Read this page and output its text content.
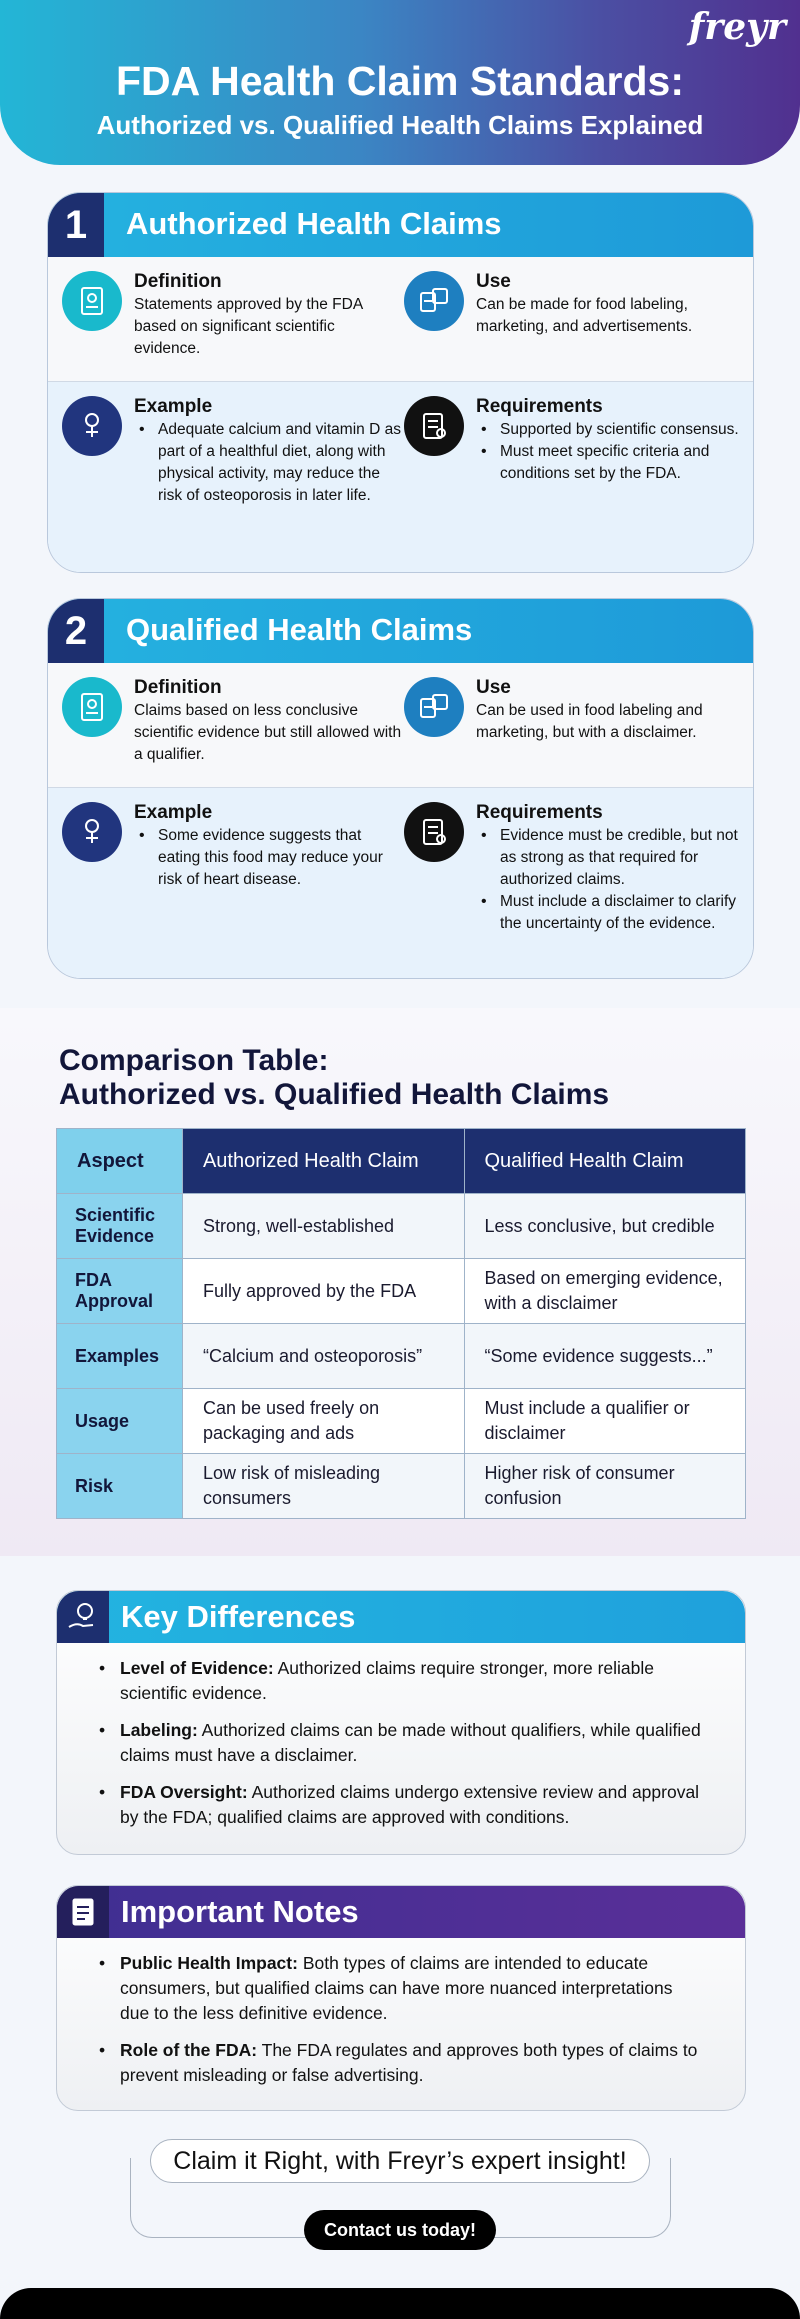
freyr
FDA Health Claim Standards:
Authorized vs. Qualified Health Claims Explained
1	Authorized Health Claims
Definition

Statements approved by the FDA based on significant scientific evidence.

Use

Can be made for food labeling, marketing, and advertisements.

Example
• Adequate calcium and vitamin D as part of a healthful diet, along with physical activity, may reduce the risk of osteoporosis in later life.
Requirements
• Supported by scientific consensus.
• Must meet specific criteria and conditions set by the FDA.
2	Qualified Health Claims
Definition

Claims based on less conclusive scientific evidence but still allowed with a qualifier.

Use

Can be used in food labeling and marketing, but with a disclaimer.

Example
• Some evidence suggests that eating this food may reduce your risk of heart disease.
Requirements
• Evidence must be credible, but not as strong as that required for authorized claims.
• Must include a disclaimer to clarify the uncertainty of the evidence.
Comparison Table:
Authorized vs. Qualified Health Claims
Aspect	Authorized Health Claim	Qualified Health Claim
Scientific Evidence	Strong, well-established	Less conclusive, but credible
FDA Approval	Fully approved by the FDA	Based on emerging evidence, with a disclaimer
Examples	“Calcium and osteoporosis”	“Some evidence suggests...”
Usage	Can be used freely on packaging and ads	Must include a qualifier or disclaimer
Risk	Low risk of misleading consumers	Higher risk of consumer confusion
Key Differences
• Level of Evidence: Authorized claims require stronger, more reliable scientific evidence.
• Labeling: Authorized claims can be made without qualifiers, while qualified claims must have a disclaimer.
• FDA Oversight: Authorized claims undergo extensive review and approval by the FDA; qualified claims are approved with conditions.
Important Notes
• Public Health Impact: Both types of claims are intended to educate consumers, but qualified claims can have more nuanced interpretations due to the less definitive evidence.
• Role of the FDA: The FDA regulates and approves both types of claims to prevent misleading or false advertising.
Claim it Right, with Freyr’s expert insight!
Contact us today!
